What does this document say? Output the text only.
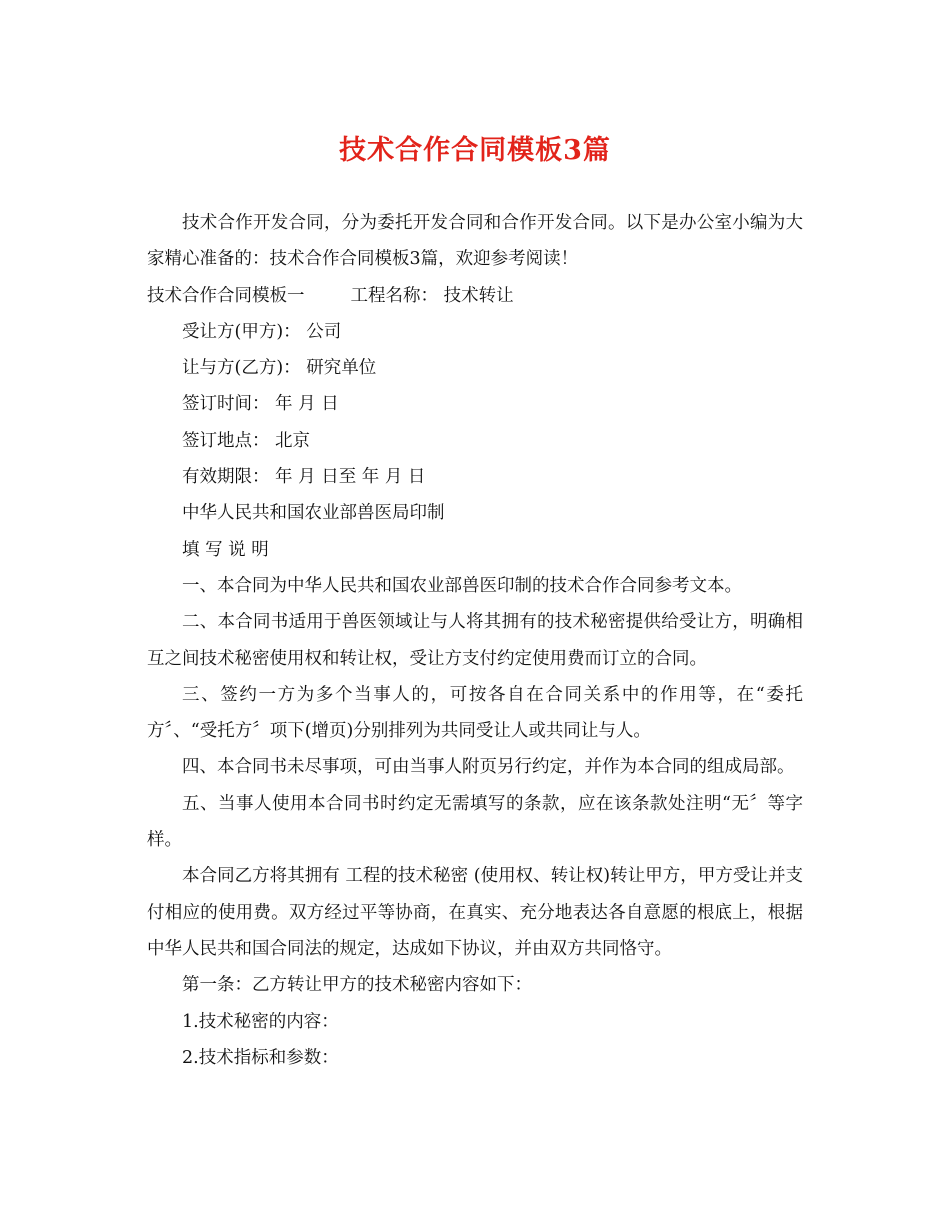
技术合作合同模板3篇

技术合作开发合同，分为委托开发合同和合作开发合同。以下是办公室小编为大家精心准备的：技术合作合同模板3篇，欢迎参考阅读！

技术合作合同模板一	工程名称：
技术转让

受让方(甲方)： 公司

让与方(乙方)： 研究单位

签订时间： 年 月 日

签订地点： 北京

有效期限： 年 月 日至 年 月 日

中华人民共和国农业部兽医局印制

填 写 说 明

一、本合同为中华人民共和国农业部兽医印制的技术合作合同参考文本。

二、本合同书适用于兽医领域让与人将其拥有的技术秘密提供给受让方，明确相互之间技术秘密使用权和转让权，受让方支付约定使用费而订立的合同。

三、签约一方为多个当事人的，可按各自在合同关系中的作用等，在“委托方〞、“受托方〞项下(增页)分别排列为共同受让人或共同让与人。

四、本合同书未尽事项，可由当事人附页另行约定，并作为本合同的组成局部。

五、当事人使用本合同书时约定无需填写的条款，应在该条款处注明“无〞等字样。

本合同乙方将其拥有 工程的技术秘密 (使用权、转让权)转让甲方，甲方受让并支付相应的使用费。双方经过平等协商，在真实、充分地表达各自意愿的根底上，根据中华人民共和国合同法的规定，达成如下协议，并由双方共同恪守。

第一条：乙方转让甲方的技术秘密内容如下：

1.技术秘密的内容：

2.技术指标和参数：
